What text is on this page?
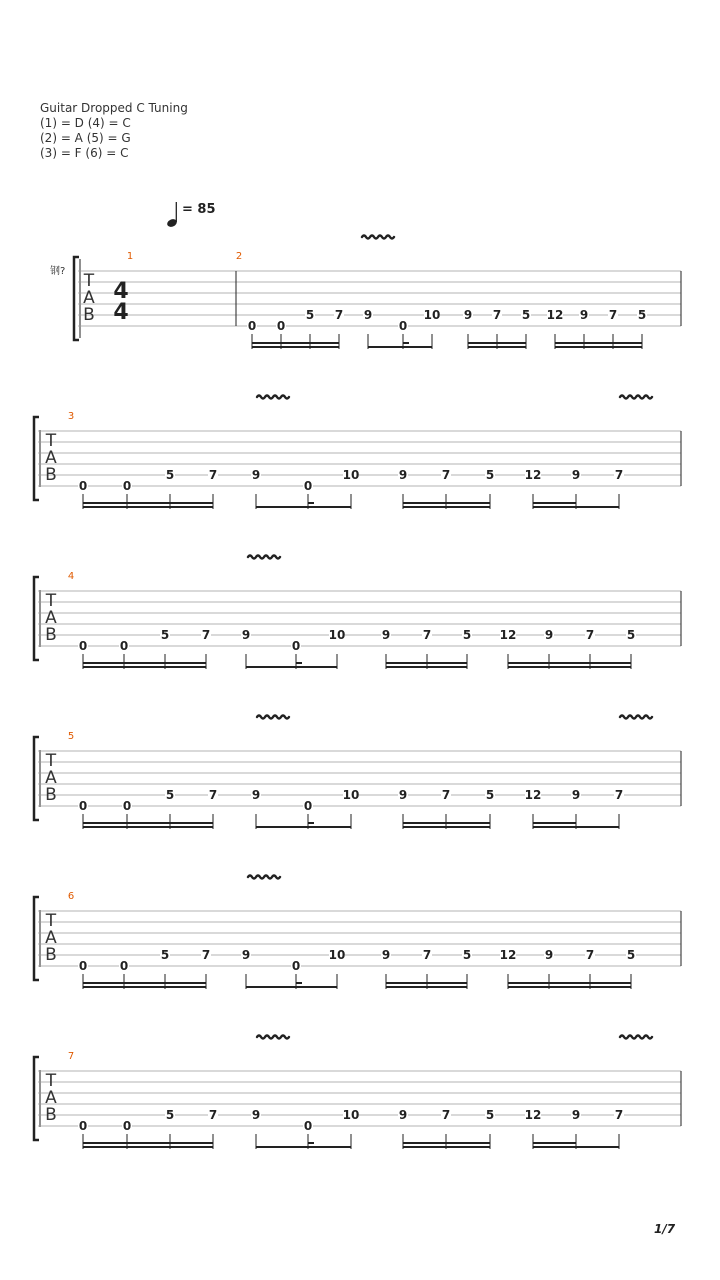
Guitar Dropped C Tuning
(1) = D (4) = C
(2) = A (5) = G
(3) = F (6) = C
= 85
T
A
B
钢?
4
4
1	2
0 0
5 7 9
0
10 9 7 5 12 9 7 5
T
A
B
3
0	0
5	7	9
0
10	9	7	5	12	9	7
T
A
B
4
0	0
5	7	9
0
10	9	7	5 12 9	7	5
T
A
B
5
0	0
5	7	9
0
10	9	7	5	12	9	7
T
A
B
6
0	0
5	7	9
0
10	9	7	5 12 9	7	5
T
A
B
7
0	0
5	7	9
0
10	9	7	5	12	9	7
1/7
